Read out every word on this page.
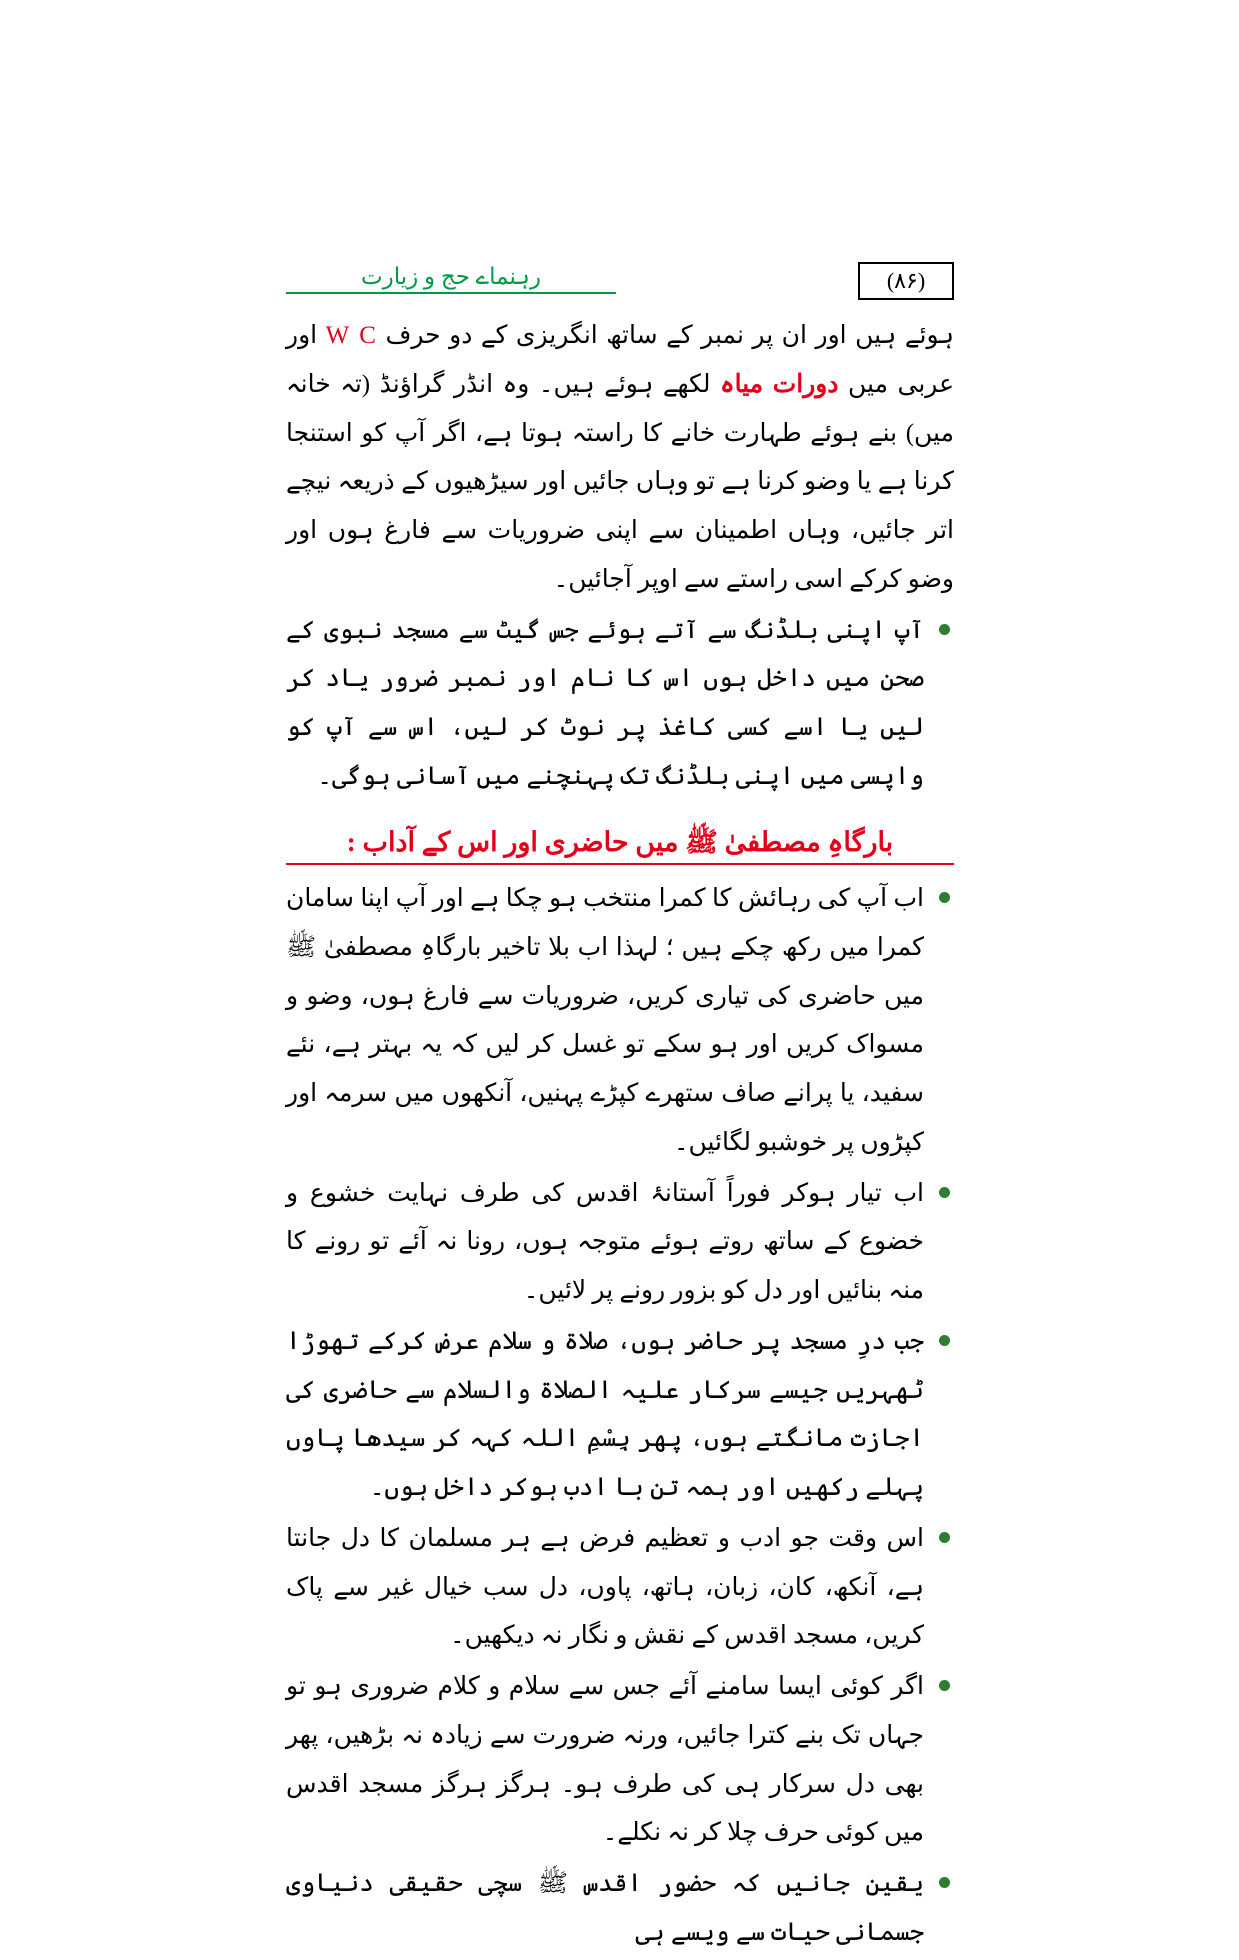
(۸۶)
رہنماے حج و زیارت

ہوئے ہیں اور ان پر نمبر کے ساتھ انگریزی کے دو حرف W C اور عربی میں دورات میاہ لکھے ہوئے ہیں۔ وہ انڈر گراؤنڈ (تہ خانہ میں) بنے ہوئے طہارت خانے کا راستہ ہوتا ہے، اگر آپ کو استنجا کرنا ہے یا وضو کرنا ہے تو وہاں جائیں اور سیڑھیوں کے ذریعہ نیچے اتر جائیں، وہاں اطمینان سے اپنی ضروریات سے فارغ ہوں اور وضو کرکے اسی راستے سے اوپر آجائیں۔

آپ اپنی بلڈنگ سے آتے ہوئے جس گیٹ سے مسجد نبوی کے صحن میں داخل ہوں اس کا نام اور نمبر ضرور یاد کر لیں یا اسے کسی کاغذ پر نوٹ کر لیں، اس سے آپ کو واپسی میں اپنی بلڈنگ تک پہنچنے میں آسانی ہوگی۔
بارگاہِ مصطفیٰ ﷺ میں حاضری اور اس کے آداب :
اب آپ کی رہائش کا کمرا منتخب ہو چکا ہے اور آپ اپنا سامان کمرا میں رکھ چکے ہیں ؛ لہذا اب بلا تاخیر بارگاہِ مصطفیٰ ﷺ میں حاضری کی تیاری کریں، ضروریات سے فارغ ہوں، وضو و مسواک کریں اور ہو سکے تو غسل کر لیں کہ یہ بہتر ہے، نئے سفید، یا پرانے صاف ستھرے کپڑے پہنیں، آنکھوں میں سرمہ اور کپڑوں پر خوشبو لگائیں۔
اب تیار ہوکر فوراً آستانۂ اقدس کی طرف نہایت خشوع و خضوع کے ساتھ روتے ہوئے متوجہ ہوں، رونا نہ آئے تو رونے کا منہ بنائیں اور دل کو بزور رونے پر لائیں۔
جب درِ مسجد پر حاضر ہوں، صلاۃ و سلام عرض کرکے تھوڑا ٹھہریں جیسے سرکار علیہ الصلاۃ والسلام سے حاضری کی اجازت مانگتے ہوں، پھر بِسْمِ اللہ کہہ کر سیدھا پاوں پہلے رکھیں اور ہمہ تن با ادب ہوکر داخل ہوں۔
اس وقت جو ادب و تعظیم فرض ہے ہر مسلمان کا دل جانتا ہے، آنکھ، کان، زبان، ہاتھ، پاوں، دل سب خیال غیر سے پاک کریں، مسجد اقدس کے نقش و نگار نہ دیکھیں۔
اگر کوئی ایسا سامنے آئے جس سے سلام و کلام ضروری ہو تو جہاں تک بنے کترا جائیں، ورنہ ضرورت سے زیادہ نہ بڑھیں، پھر بھی دل سرکار ہی کی طرف ہو۔ ہرگز ہرگز مسجد اقدس میں کوئی حرف چلا کر نہ نکلے۔
یقین جانیں کہ حضور اقدس ﷺ سچی حقیقی دنیاوی جسمانی حیات سے ویسے ہی
